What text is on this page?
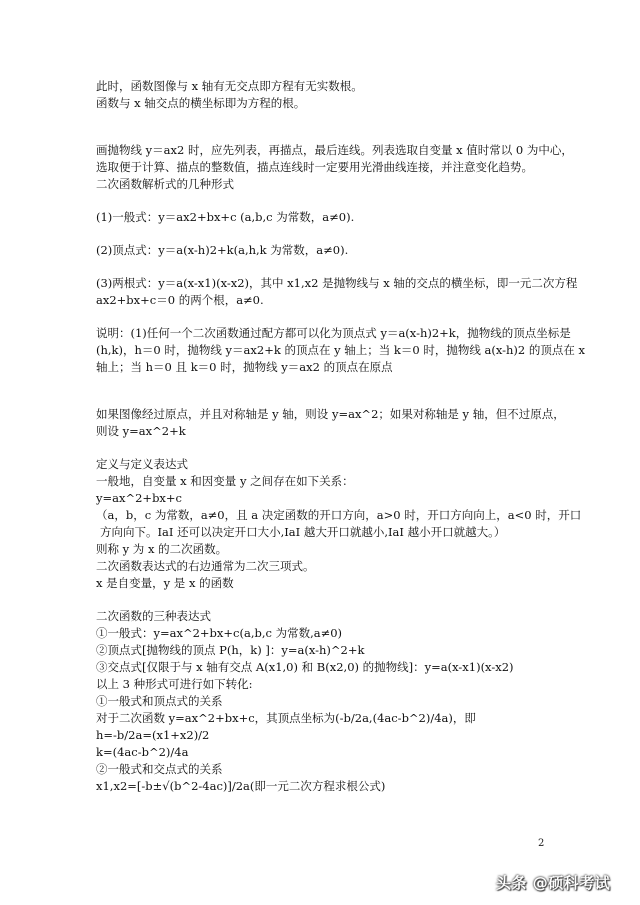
此时，函数图像与 x 轴有无交点即方程有无实数根。
函数与 x 轴交点的横坐标即为方程的根。
画抛物线 y＝ax2 时，应先列表，再描点，最后连线。列表选取自变量 x 值时常以 0 为中心，
选取便于计算、描点的整数值，描点连线时一定要用光滑曲线连接，并注意变化趋势。
二次函数解析式的几种形式
(1)一般式：y＝ax2+bx+c (a,b,c 为常数，a≠0).
(2)顶点式：y＝a(x-h)2+k(a,h,k 为常数，a≠0).
(3)两根式：y＝a(x-x1)(x-x2)，其中 x1,x2 是抛物线与 x 轴的交点的横坐标，即一元二次方程
ax2+bx+c＝0 的两个根，a≠0.
说明：(1)任何一个二次函数通过配方都可以化为顶点式 y＝a(x-h)2+k，抛物线的顶点坐标是
(h,k)，h＝0 时，抛物线 y＝ax2+k 的顶点在 y 轴上；当 k＝0 时，抛物线 a(x-h)2 的顶点在 x
轴上；当 h＝0 且 k＝0 时，抛物线 y＝ax2 的顶点在原点
如果图像经过原点，并且对称轴是 y 轴，则设 y=ax^2；如果对称轴是 y 轴，但不过原点，
则设 y=ax^2+k
定义与定义表达式
一般地，自变量 x 和因变量 y 之间存在如下关系：
y=ax^2+bx+c
（a，b，c 为常数，a≠0，且 a 决定函数的开口方向，a>0 时，开口方向向上，a<0 时，开口
方向向下。IaI 还可以决定开口大小,IaI 越大开口就越小,IaI 越小开口就越大。）
则称 y 为 x 的二次函数。
二次函数表达式的右边通常为二次三项式。
x 是自变量，y 是 x 的函数
二次函数的三种表达式
①一般式：y=ax^2+bx+c(a,b,c 为常数,a≠0)
②顶点式[抛物线的顶点 P(h，k) ]：y=a(x-h)^2+k
③交点式[仅限于与 x 轴有交点 A(x1,0) 和 B(x2,0) 的抛物线]：y=a(x-x1)(x-x2)
以上 3 种形式可进行如下转化:
①一般式和顶点式的关系
对于二次函数 y=ax^2+bx+c，其顶点坐标为(-b/2a,(4ac-b^2)/4a)，即
h=-b/2a=(x1+x2)/2
k=(4ac-b^2)/4a
②一般式和交点式的关系
x1,x2=[-b±√(b^2-4ac)]/2a(即一元二次方程求根公式)
2
头条 @硕科考试
